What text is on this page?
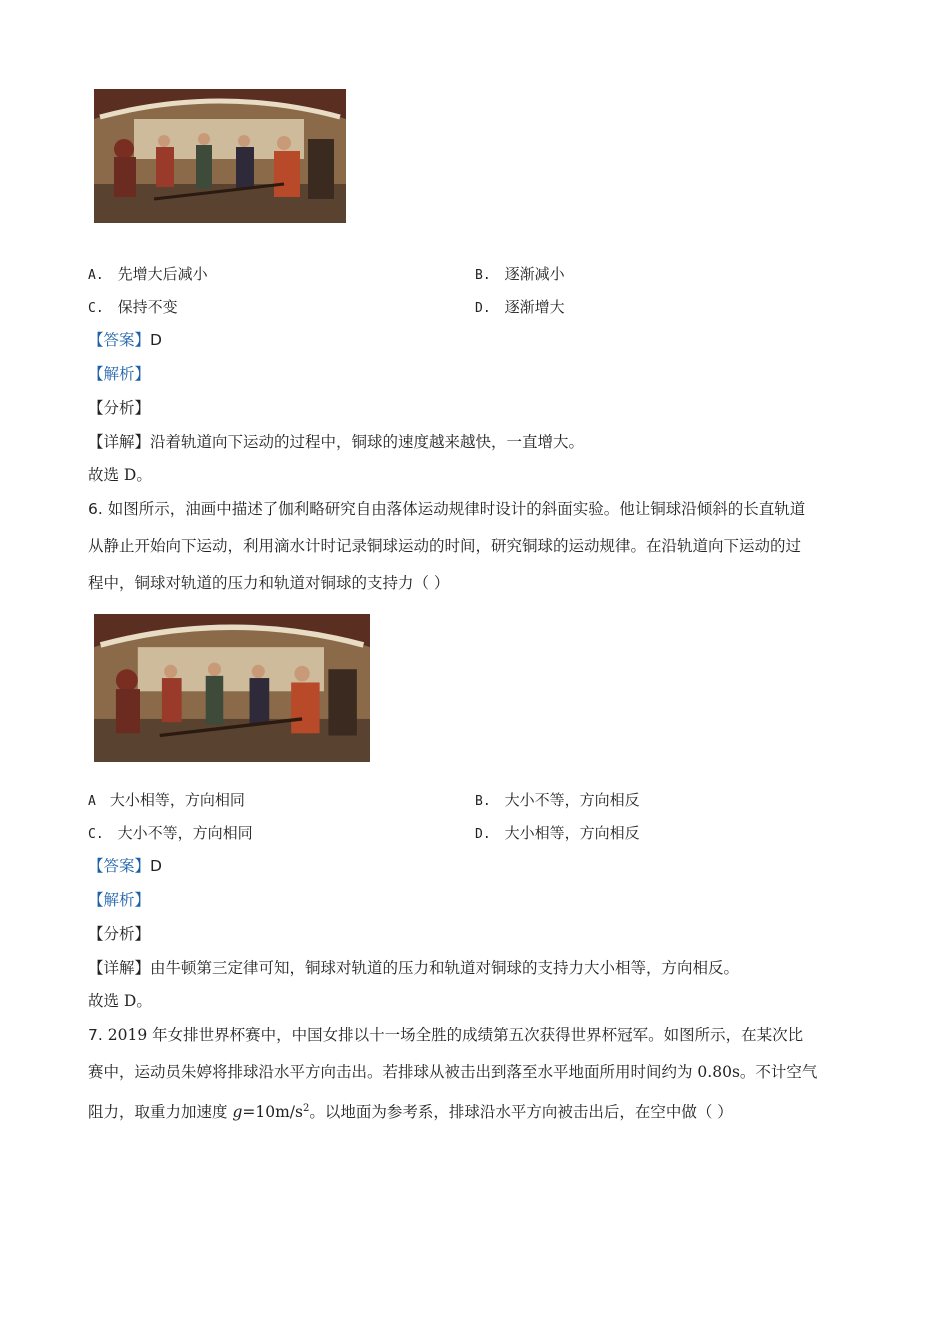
A. 先增大后减小	B. 逐渐减小
C. 保持不变	D. 逐渐增大
【答案】D
【解析】
【分析】
【详解】沿着轨道向下运动的过程中，铜球的速度越来越快，一直增大。
故选 D。
6. 如图所示，油画中描述了伽利略研究自由落体运动规律时设计的斜面实验。他让铜球沿倾斜的长直轨道
从静止开始向下运动，利用滴水计时记录铜球运动的时间，研究铜球的运动规律。在沿轨道向下运动的过
程中，铜球对轨道的压力和轨道对铜球的支持力（ ）
A 大小相等，方向相同	B. 大小不等，方向相反
C. 大小不等，方向相同	D. 大小相等，方向相反
【答案】D
【解析】
【分析】
【详解】由牛顿第三定律可知，铜球对轨道的压力和轨道对铜球的支持力大小相等，方向相反。
故选 D。
7. 2019 年女排世界杯赛中，中国女排以十一场全胜的成绩第五次获得世界杯冠军。如图所示，在某次比
赛中，运动员朱婷将排球沿水平方向击出。若排球从被击出到落至水平地面所用时间约为 0.80s。不计空气
阻力，取重力加速度 $g=10m/s^2$。以地面为参考系，排球沿水平方向被击出后，在空中做（ ）
